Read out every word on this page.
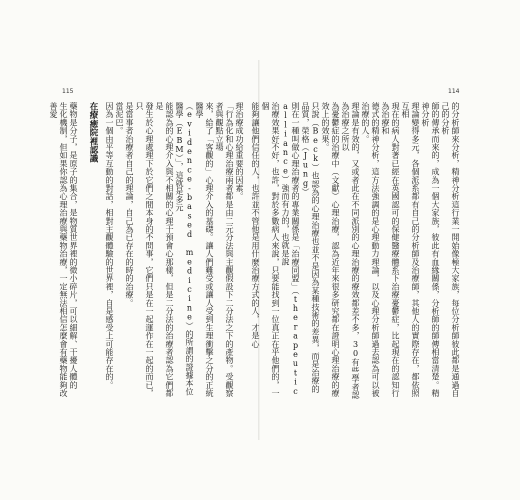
115	114

的分析師來分析，精神分析這行業一開始像極大家族，每位分析師彼此都是通過自己的分析

師的傳承而來的，成為一個大家族，彼此有血緣關係，分析師的師傳相當清楚。精神分析

理論變得多元，各個派系都有自己的分析師及治療師，其他人的實際存在，都依照互相

現在的病人對著已經在英國認可的保健醫療體系下治療憂鬱症，比起現在的認知行為治療和

德式的精神分析，這方法強調的是心理動力理論，以及心理分析師過去認為可以被治療的人。

理論是有效的，又或者此在不同派別的心理治療的療效都差不多，30有些學者認為治療之所以

為憂鬱症的治療中（文獻）心理治療，認為近年來很多研究都在證明心理治療的療效上的效果。

只說（Beck）也認為的心理治療也並不是因為某種技術的差異，而是治療的品質，榮格（Jung）

則在一種叫做心理治療者的專業關係是「治療同盟」（therapeutic alliance）強而有力的，也就是說

治療效果好不好，也許，對於多數病人來說，只要能找到一位真正在乎他們的，一個

能夠讓他們信任的人，也許並不管他是用什麼治療方式的人，才是心

理治療成功給重要的因素。

「行為化和心理治療兩者都是由二元分法與主觀假設下二分法之下的產物。受觀察者與觀點立場

來，給了「客觀的」心理介入的基礎。讓人們難受或讓人受到生理衝擊之分的正統醫學

（evidence-based medicine）的所謂的證據本位醫學（EBM）」，這就是多元

能認為的心理介入與不相關的心理干預會心那樣，但是二分法的治療者認為它們都是

發生於心理處理下於它們之間本身的不問事，它們只是在一起運作在一起的而已，只

是當事者治療者自己的理論，自己為已存在的時的治療。

當泥巴。

因為一個由平等互動的對話，相對主觀體驗的世界裡，自是感受上可能存在的。

在療癒院裡認識

藥物是分子，是原子的集合，是物質世界裡的微小碎片，可以細解、干擾人體的

生化機制，但如果你認為心理治療與藥物治療，一定無法相信怎麼會有藥物能夠改善愛
